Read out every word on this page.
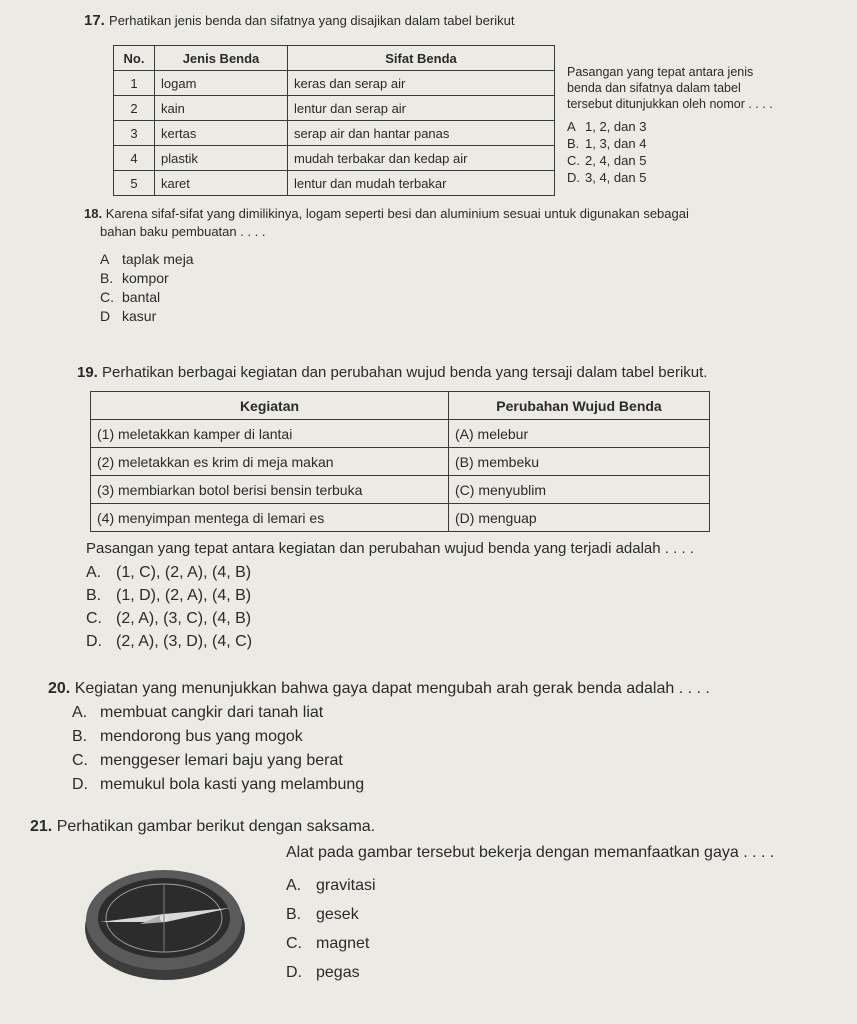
17. Perhatikan jenis benda dan sifatnya yang disajikan dalam tabel berikut
No.	Jenis Benda	Sifat Benda
1	logam	keras dan serap air
2	kain	lentur dan serap air
3	kertas	serap air dan hantar panas
4	plastik	mudah terbakar dan kedap air
5	karet	lentur dan mudah terbakar
Pasangan yang tepat antara jenis
benda dan sifatnya dalam tabel
tersebut ditunjukkan oleh nomor . . . .
A 1, 2, dan 3
B. 1, 3, dan 4
C. 2, 4, dan 5
D. 3, 4, dan 5
18. Karena sifaf-sifat yang dimilikinya, logam seperti besi dan aluminium sesuai untuk digunakan sebagai
bahan baku pembuatan . . . .
A taplak meja
B. kompor
C. bantal
D kasur
19. Perhatikan berbagai kegiatan dan perubahan wujud benda yang tersaji dalam tabel berikut.
Kegiatan	Perubahan Wujud Benda
(1) meletakkan kamper di lantai	(A) melebur
(2) meletakkan es krim di meja makan	(B) membeku
(3) membiarkan botol berisi bensin terbuka	(C) menyublim
(4) menyimpan mentega di lemari es	(D) menguap
Pasangan yang tepat antara kegiatan dan perubahan wujud benda yang terjadi adalah . . . .
A. (1, C), (2, A), (4, B)
B. (1, D), (2, A), (4, B)
C. (2, A), (3, C), (4, B)
D. (2, A), (3, D), (4, C)
20. Kegiatan yang menunjukkan bahwa gaya dapat mengubah arah gerak benda adalah . . . .
A. membuat cangkir dari tanah liat
B. mendorong bus yang mogok
C. menggeser lemari baju yang berat
D. memukul bola kasti yang melambung
21. Perhatikan gambar berikut dengan saksama.
Alat pada gambar tersebut bekerja dengan memanfaatkan gaya . . . .
A. gravitasi
B. gesek
C. magnet
D. pegas
